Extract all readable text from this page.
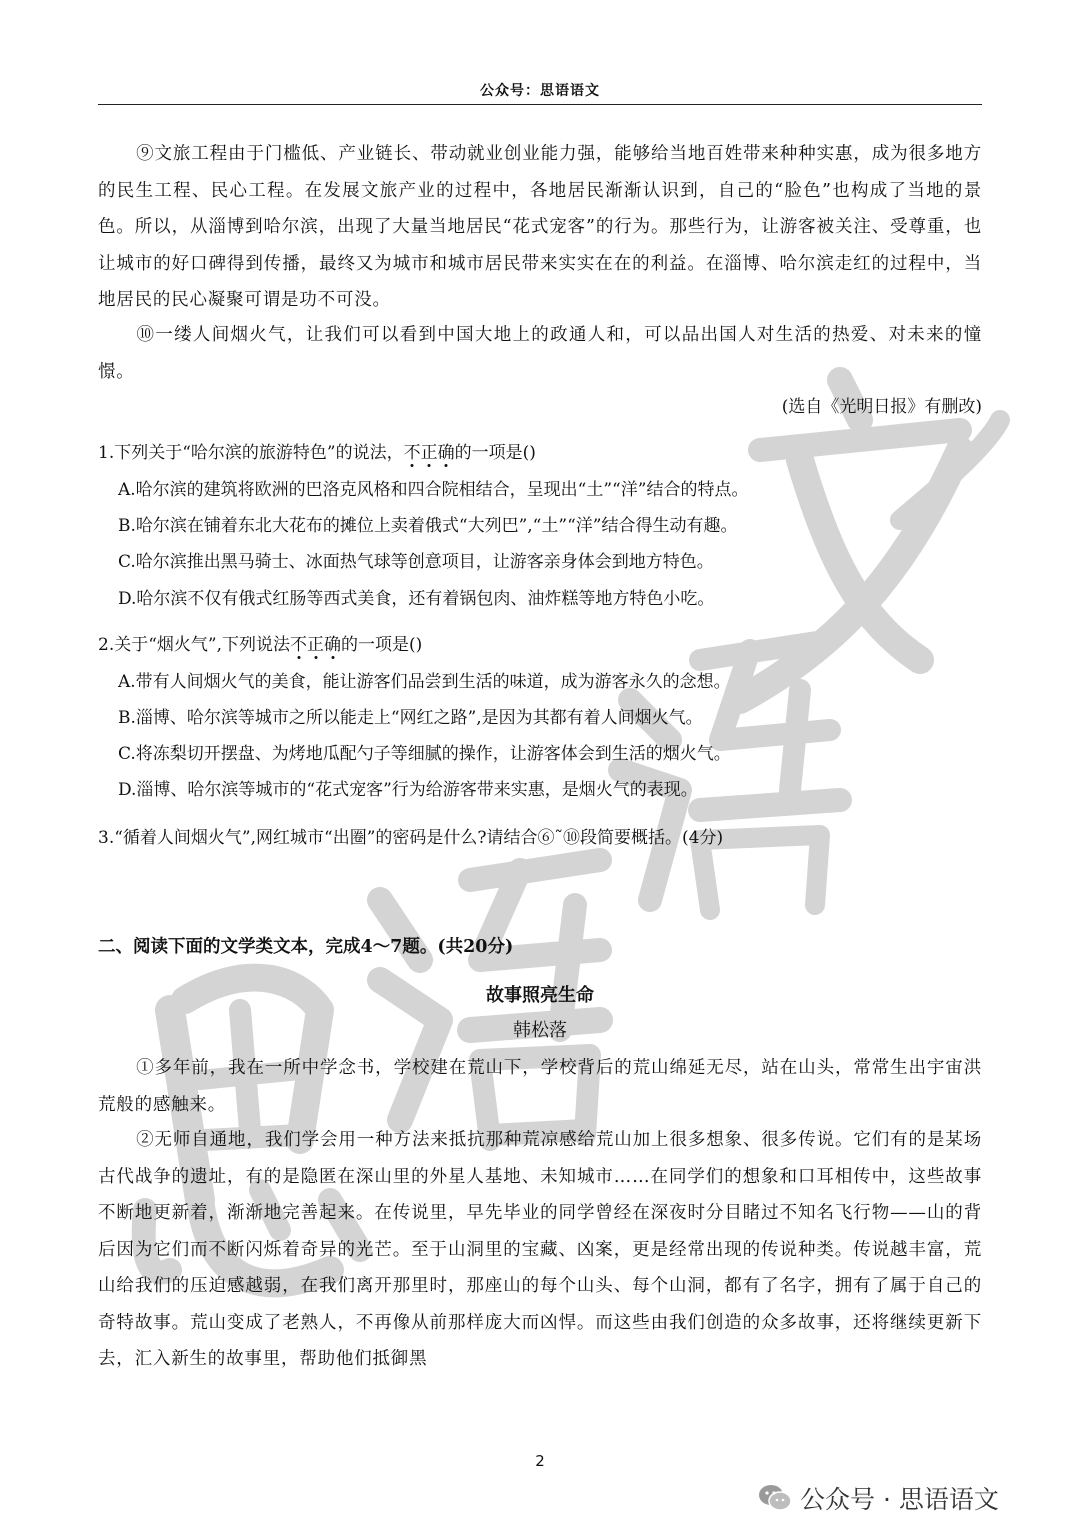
公众号：思语语文
⑨文旅工程由于门槛低、产业链长、带动就业创业能力强，能够给当地百姓带来种种实惠，成为很多地方的民生工程、民心工程。在发展文旅产业的过程中，各地居民渐渐认识到，自己的“脸色”也构成了当地的景色。所以，从淄博到哈尔滨，出现了大量当地居民“花式宠客”的行为。那些行为，让游客被关注、受尊重，也让城市的好口碑得到传播，最终又为城市和城市居民带来实实在在的利益。在淄博、哈尔滨走红的过程中，当地居民的民心凝聚可谓是功不可没。
⑩一缕人间烟火气，让我们可以看到中国大地上的政通人和，可以品出国人对生活的热爱、对未来的憧憬。
(选自《光明日报》有删改)
1.下列关于“哈尔滨的旅游特色”的说法，不正确的一项是()
A.哈尔滨的建筑将欧洲的巴洛克风格和四合院相结合，呈现出“土”“洋”结合的特点。
B.哈尔滨在铺着东北大花布的摊位上卖着俄式“大列巴”,“土”“洋”结合得生动有趣。
C.哈尔滨推出黑马骑士、冰面热气球等创意项目，让游客亲身体会到地方特色。
D.哈尔滨不仅有俄式红肠等西式美食，还有着锅包肉、油炸糕等地方特色小吃。
2.关于“烟火气”,下列说法不正确的一项是()
A.带有人间烟火气的美食，能让游客们品尝到生活的味道，成为游客永久的念想。
B.淄博、哈尔滨等城市之所以能走上“网红之路”,是因为其都有着人间烟火气。
C.将冻梨切开摆盘、为烤地瓜配勺子等细腻的操作，让游客体会到生活的烟火气。
D.淄博、哈尔滨等城市的“花式宠客”行为给游客带来实惠，是烟火气的表现。
3.“循着人间烟火气”,网红城市“出圈”的密码是什么?请结合⑥˜⑩段简要概括。(4分)
二、阅读下面的文学类文本，完成4～7题。(共20分)
故事照亮生命
韩松落
①多年前，我在一所中学念书，学校建在荒山下，学校背后的荒山绵延无尽，站在山头，常常生出宇宙洪荒般的感触来。
②无师自通地，我们学会用一种方法来抵抗那种荒凉感给荒山加上很多想象、很多传说。它们有的是某场古代战争的遗址，有的是隐匿在深山里的外星人基地、未知城市……在同学们的想象和口耳相传中，这些故事不断地更新着，渐渐地完善起来。在传说里，早先毕业的同学曾经在深夜时分目睹过不知名飞行物——山的背后因为它们而不断闪烁着奇异的光芒。至于山洞里的宝藏、凶案，更是经常出现的传说种类。传说越丰富，荒山给我们的压迫感越弱，在我们离开那里时，那座山的每个山头、每个山洞，都有了名字，拥有了属于自己的奇特故事。荒山变成了老熟人，不再像从前那样庞大而凶悍。而这些由我们创造的众多故事，还将继续更新下去，汇入新生的故事里，帮助他们抵御黑
2
公众号 · 思语语文
